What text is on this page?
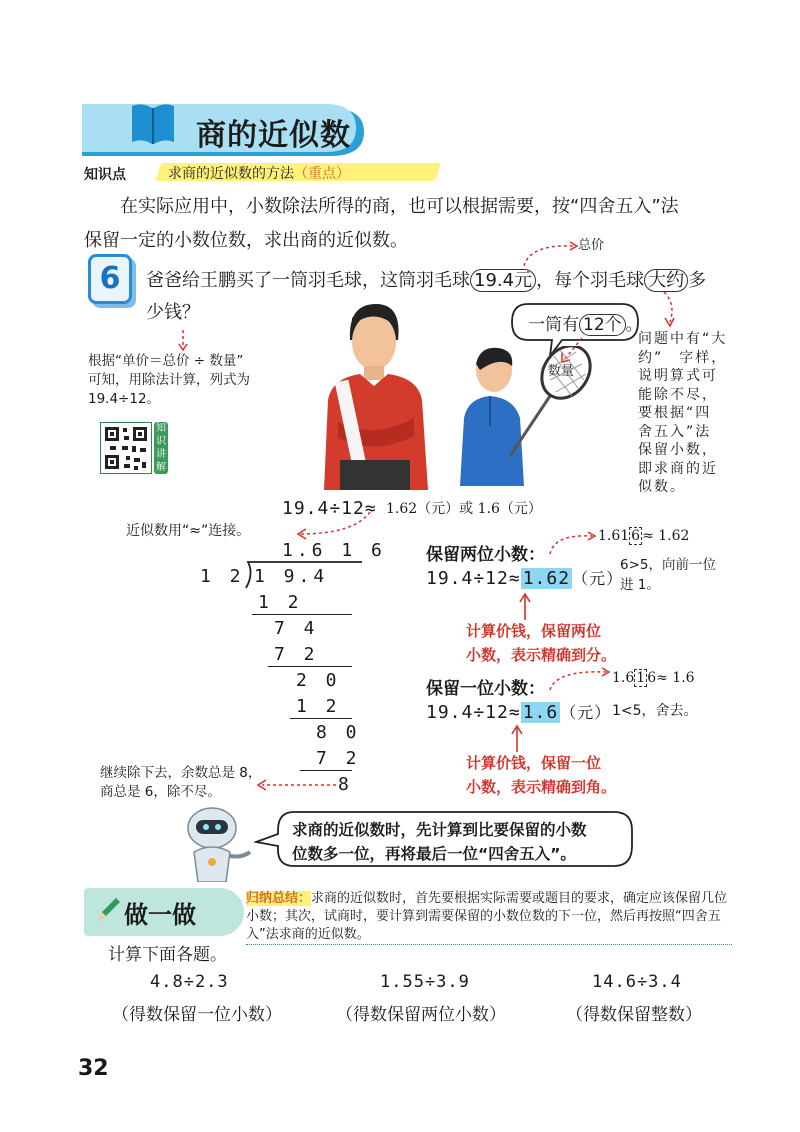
商的近似数
知识点	求商的近似数的方法（重点）
在实际应用中，小数除法所得的商，也可以根据需要，按“四舍五入”法
保留一定的小数位数，求出商的近似数。
6
总价
爸爸给王鹏买了一筒羽毛球，这筒羽毛球 19.4元 ，每个羽毛球 大约 多
少钱？
一筒有 12个 。
数量
根据“单价＝总价 ÷ 数量”
可知，用除法计算，列式为
19.4÷12。
知
识
讲
解
问题中有“大
约”　字样，
说明算式可
能除不尽，
要根据“四
舍五入”法
保留小数，
即求商的近
似数。
19.4÷12≈ 1.62（元）或 1.6（元）
近似数用“≈”连接。
1.6 1 6
1 2 1 9.4
1 2
7 4
7 2
2 0
1 2
8 0
7 2
8
继续除下去，余数总是 8，
商总是 6，除不尽。
保留两位小数：
1.61 6 ≈ 1.62
19.4÷12≈ 1.62 （元）
6>5，向前一位
进 1。
计算价钱，保留两位
小数，表示精确到分。
保留一位小数：
1.6 1 6≈ 1.6
19.4÷12≈ 1.6 （元） 1<5，舍去。
计算价钱，保留一位
小数，表示精确到角。
求商的近似数时，先计算到比要保留的小数
位数多一位，再将最后一位“四舍五入”。
做一做
归纳总结：求商的近似数时，首先要根据实际需要或题目的要求，确定应该保留几位小数；其次，试商时，要计算到需要保留的小数位数的下一位，然后再按照“四舍五入”法求商的近似数。
计算下面各题。
4.8÷2.3
（得数保留一位小数）
1.55÷3.9
（得数保留两位小数）
14.6÷3.4
（得数保留整数）
32
